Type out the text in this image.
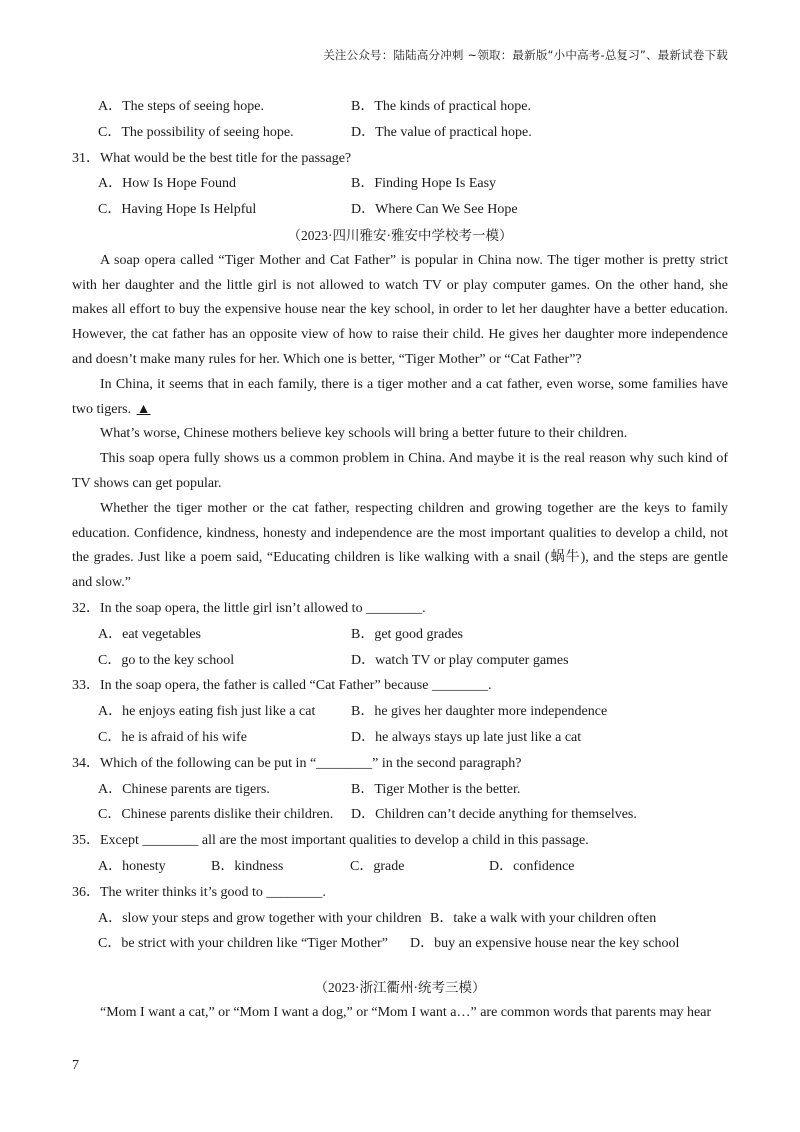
关注公众号：陆陆高分冲刺 ~领取：最新版“小中高考-总复习”、最新试卷下载
A．The steps of seeing hope.	B．The kinds of practical hope.
C．The possibility of seeing hope.	D．The value of practical hope.
31．What would be the best title for the passage?
A．How Is Hope Found	B．Finding Hope Is Easy
C．Having Hope Is Helpful	D．Where Can We See Hope
（2023·四川雅安·雅安中学校考一模）
A soap opera called “Tiger Mother and Cat Father” is popular in China now. The tiger mother is pretty strict with her daughter and the little girl is not allowed to watch TV or play computer games. On the other hand, she makes all effort to buy the expensive house near the key school, in order to let her daughter have a better education. However, the cat father has an opposite view of how to raise their child. He gives her daughter more independence and doesn’t make many rules for her. Which one is better, “Tiger Mother” or “Cat Father”?
In China, it seems that in each family, there is a tiger mother and a cat father, even worse, some families have two tigers. ▲
What’s worse, Chinese mothers believe key schools will bring a better future to their children.
This soap opera fully shows us a common problem in China. And maybe it is the real reason why such kind of TV shows can get popular.
Whether the tiger mother or the cat father, respecting children and growing together are the keys to family education. Confidence, kindness, honesty and independence are the most important qualities to develop a child, not the grades. Just like a poem said, “Educating children is like walking with a snail (蜗牛), and the steps are gentle and slow.”
32．In the soap opera, the little girl isn’t allowed to ________.
A．eat vegetables	B．get good grades
C．go to the key school	D．watch TV or play computer games
33．In the soap opera, the father is called “Cat Father” because ________.
A．he enjoys eating fish just like a cat	B．he gives her daughter more independence
C．he is afraid of his wife	D．he always stays up late just like a cat
34．Which of the following can be put in “________” in the second paragraph?
A．Chinese parents are tigers.	B．Tiger Mother is the better.
C．Chinese parents dislike their children.	D．Children can’t decide anything for themselves.
35．Except ________ all are the most important qualities to develop a child in this passage.
A．honesty	B．kindness	C．grade	D．confidence
36．The writer thinks it’s good to ________.
A．slow your steps and grow together with your children B．take a walk with your children often
C．be strict with your children like “Tiger Mother”	D．buy an expensive house near the key school
（2023·浙江衢州·统考三模）
“Mom I want a cat,” or “Mom I want a dog,” or “Mom I want a…” are common words that parents may hear
7
